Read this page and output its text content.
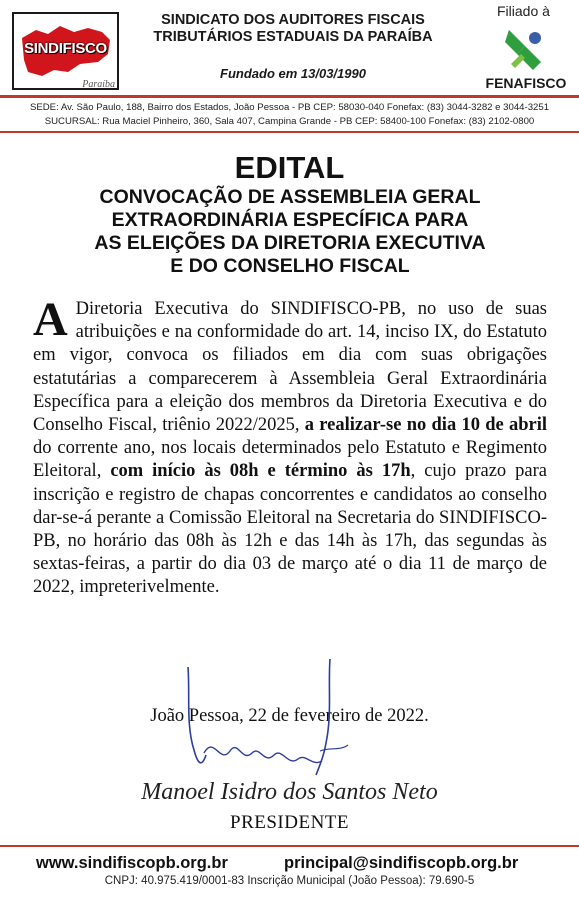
SINDIFISCO
Paraíba
SINDICATO DOS AUDITORES FISCAIS
TRIBUTÁRIOS ESTADUAIS DA PARAÍBA
Fundado em 13/03/1990
Filiado à
FENAFISCO
SEDE: Av. São Paulo, 188, Bairro dos Estados, João Pessoa - PB CEP: 58030-040 Fonefax: (83) 3044-3282 e 3044-3251
SUCURSAL: Rua Maciel Pinheiro, 360, Sala 407, Campina Grande - PB CEP: 58400-100 Fonefax: (83) 2102-0800
EDITAL
CONVOCAÇÃO DE ASSEMBLEIA GERAL
EXTRAORDINÁRIA ESPECÍFICA PARA
AS ELEIÇÕES DA DIRETORIA EXECUTIVA
E DO CONSELHO FISCAL
A Diretoria Executiva do SINDIFISCO-PB, no uso de suas atribuições e na conformidade do art. 14, inciso IX, do Estatuto em vigor, convoca os filiados em dia com suas obrigações estatutárias a comparecerem à Assembleia Geral Extraordinária Específica para a eleição dos membros da Diretoria Executiva e do Conselho Fiscal, triênio 2022/2025, a realizar-se no dia 10 de abril do corrente ano, nos locais determinados pelo Estatuto e Regimento Eleitoral, com início às 08h e término às 17h, cujo prazo para inscrição e registro de chapas concorrentes e candidatos ao conselho dar-se-á perante a Comissão Eleitoral na Secretaria do SINDIFISCO-PB, no horário das 08h às 12h e das 14h às 17h, das segundas às sextas-feiras, a partir do dia 03 de março até o dia 11 de março de 2022, impreterivelmente.
João Pessoa, 22 de fevereiro de 2022.
Manoel Isidro dos Santos Neto
PRESIDENTE
www.sindifiscopb.org.br	principal@sindifiscopb.org.br
CNPJ: 40.975.419/0001-83 Inscrição Municipal (João Pessoa): 79.690-5
